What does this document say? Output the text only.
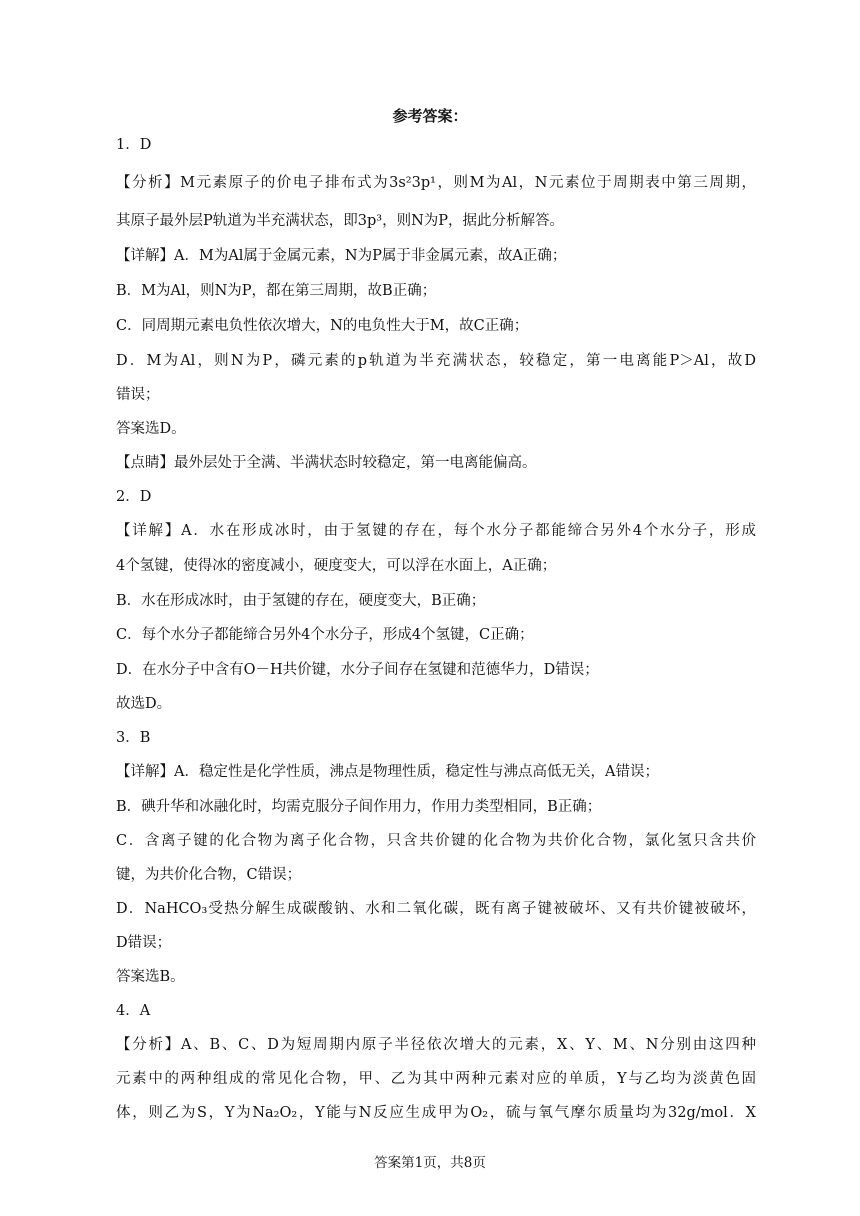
参考答案：
1．D
【分析】M元素原子的价电子排布式为3s²3p¹，则M为Al，N元素位于周期表中第三周期，
其原子最外层P轨道为半充满状态，即3p³，则N为P，据此分析解答。
【详解】A．M为Al属于金属元素，N为P属于非金属元素，故A正确；
B．M为Al，则N为P，都在第三周期，故B正确；
C．同周期元素电负性依次增大，N的电负性大于M，故C正确；
D．M为Al，则N为P，磷元素的p轨道为半充满状态，较稳定，第一电离能P＞Al，故D
错误；
答案选D。
【点睛】最外层处于全满、半满状态时较稳定，第一电离能偏高。
2．D
【详解】A．水在形成冰时，由于氢键的存在，每个水分子都能缔合另外4个水分子，形成
4个氢键，使得冰的密度减小，硬度变大，可以浮在水面上，A正确；
B．水在形成冰时，由于氢键的存在，硬度变大，B正确；
C．每个水分子都能缔合另外4个水分子，形成4个氢键，C正确；
D．在水分子中含有O－H共价键，水分子间存在氢键和范德华力，D错误；
故选D。
3．B
【详解】A．稳定性是化学性质，沸点是物理性质，稳定性与沸点高低无关，A错误；
B．碘升华和冰融化时，均需克服分子间作用力，作用力类型相同，B正确；
C．含离子键的化合物为离子化合物，只含共价键的化合物为共价化合物，氯化氢只含共价
键，为共价化合物，C错误；
D．NaHCO₃受热分解生成碳酸钠、水和二氧化碳，既有离子键被破坏、又有共价键被破坏，
D错误；
答案选B。
4．A
【分析】A、B、C、D为短周期内原子半径依次增大的元素，X、Y、M、N分别由这四种
元素中的两种组成的常见化合物，甲、乙为其中两种元素对应的单质，Y与乙均为淡黄色固
体，则乙为S，Y为Na₂O₂，Y能与N反应生成甲为O₂，硫与氧气摩尔质量均为32g/mol．X
答案第1页，共8页
